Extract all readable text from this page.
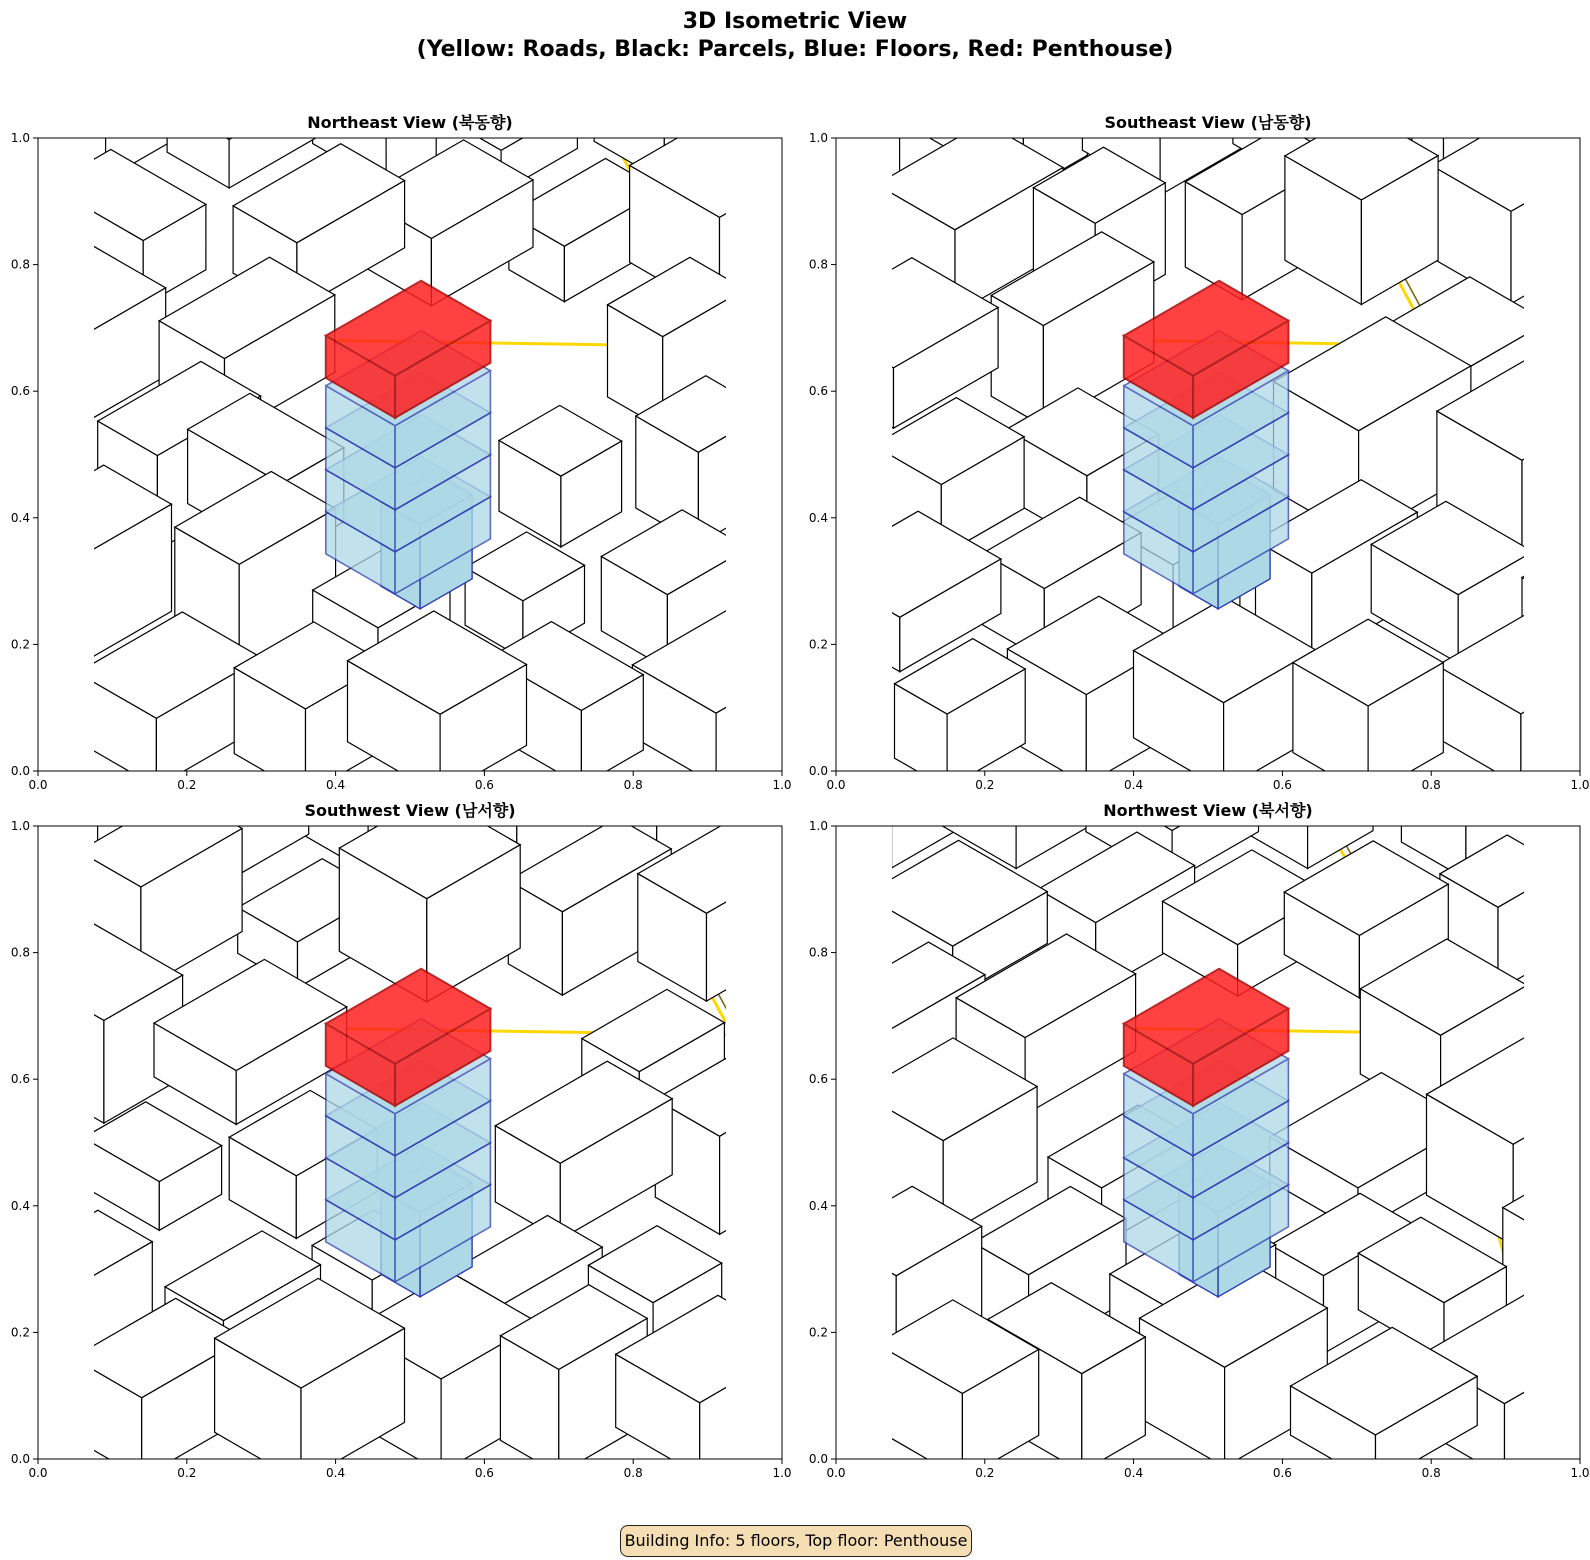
3D Isometric View
(Yellow: Roads, Black: Parcels, Blue: Floors, Red: Penthouse)
Northeast View (북동향)
0.0
0.0
0.2
0.2
0.4
0.4
0.6
0.6
0.8
0.8
1.0
1.0
Southeast View (남동향)
0.0
0.0
0.2
0.2
0.4
0.4
0.6
0.6
0.8
0.8
1.0
1.0
Southwest View (남서향)
0.0
0.0
0.2
0.2
0.4
0.4
0.6
0.6
0.8
0.8
1.0
1.0
Northwest View (북서향)
0.0
0.0
0.2
0.2
0.4
0.4
0.6
0.6
0.8
0.8
1.0
1.0
Building Info: 5 floors, Top floor: Penthouse
